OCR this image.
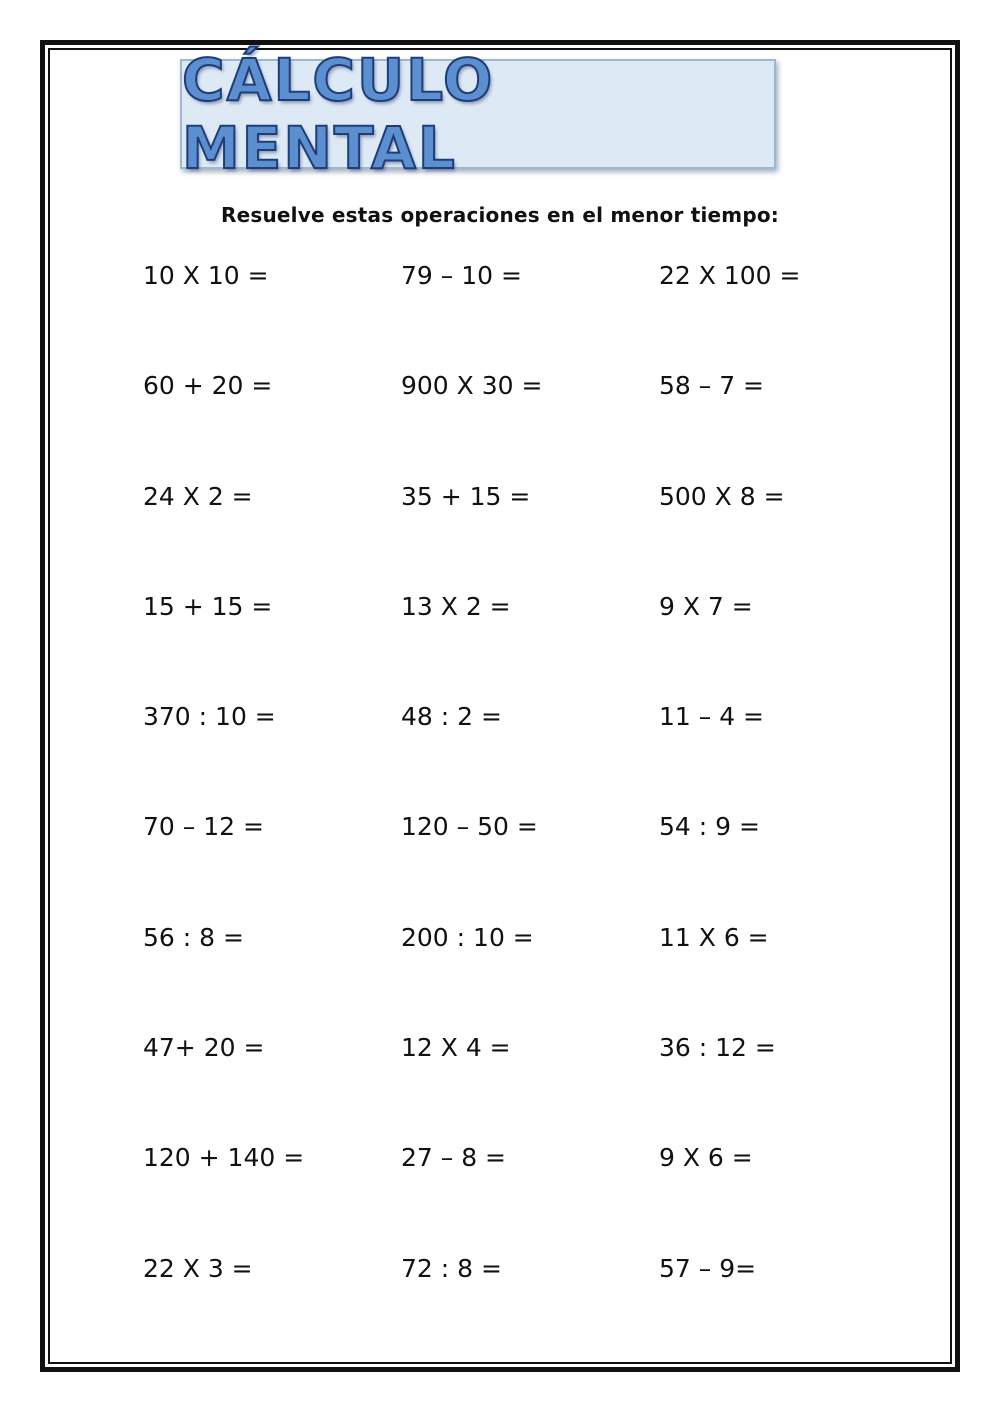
CÁLCULO MENTAL
Resuelve estas operaciones en el menor tiempo:
10 X 10 =	79 – 10 =	22 X 100 =
60 + 20 =	900 X 30 =	58 – 7 =
24 X 2 =	35 + 15 =	500 X 8 =
15 + 15 =	13 X 2 =	9 X 7 =
370 : 10 =	48 : 2 =	11 – 4 =
70 – 12 =	120 – 50 =	54 : 9 =
56 : 8 =	200 : 10 =	11 X 6 =
47+ 20 =	12 X 4 =	36 : 12 =
120 + 140 =	27 – 8 =	9 X 6 =
22 X 3 =	72 : 8 =	57 – 9=
